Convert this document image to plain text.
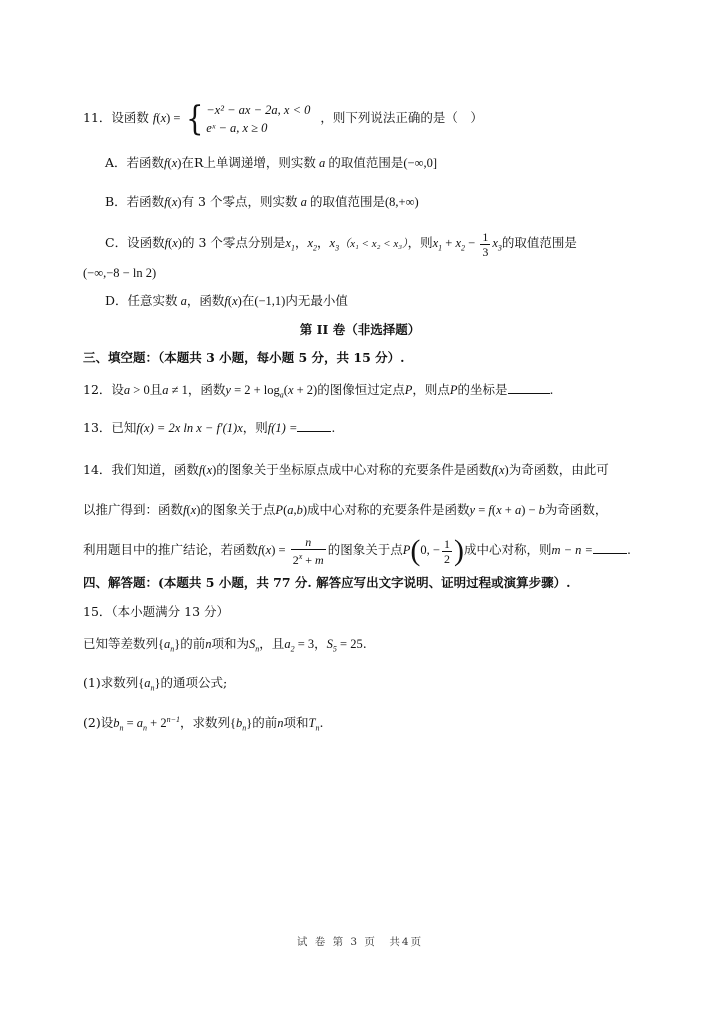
11．设函数 f(x) = { −x² − ax − 2a, x < 0
eˣ − a, x ≥ 0
，则下列说法正确的是（　）
A．若函数f(x)在R上单调递增，则实数 a 的取值范围是(−∞,0]
B．若函数f(x)有 3 个零点，则实数 a 的取值范围是(8,+∞)
C．设函数f(x)的 3 个零点分别是$x_1$，$x_2$，$x_3(x_1 < x_2 < x_3)$，则$x_1 + x_2 - \frac{1}{3} x_3$的取值范围是
(−∞,−8 − ln 2)
D．任意实数 a，函数f(x)在(−1,1)内无最小值
第 II 卷（非选择题）
三、填空题：（本题共 3 小题，每小题 5 分，共 15 分）.
12．设a > 0且a ≠ 1，函数$y = 2 + \log_a(x + 2)$的图像恒过定点P，则点P的坐标是	.
13．已知f(x) = 2x ln x − f′(1)x，则f(1) =	.
14．我们知道，函数f(x)的图象关于坐标原点成中心对称的充要条件是函数f(x)为奇函数，由此可
以推广得到：函数f(x)的图象关于点P(a,b)成中心对称的充要条件是函数y = f(x + a) − b为奇函数，
利用题目中的推广结论，若函数$f(x) = \frac{n}{2^x + m}$ 的图象关于点P(0, − $\frac{1}{2}$ )成中心对称，则m − n =	.
四、解答题：(本题共 5 小题，共 77 分. 解答应写出文字说明、证明过程或演算步骤）.
15．（本小题满分 13 分）
已知等差数列$\{a_n\}$的前n项和为$S_n$，且$a_2 = 3$，$S_5 = 25$.
(1)求数列$\{a_n\}$的通项公式;
(2)设$b_n = a_n + 2^{n-1}$，求数列$\{b_n\}$的前n项和$T_n$.
试 卷 第 3 页　共4页
